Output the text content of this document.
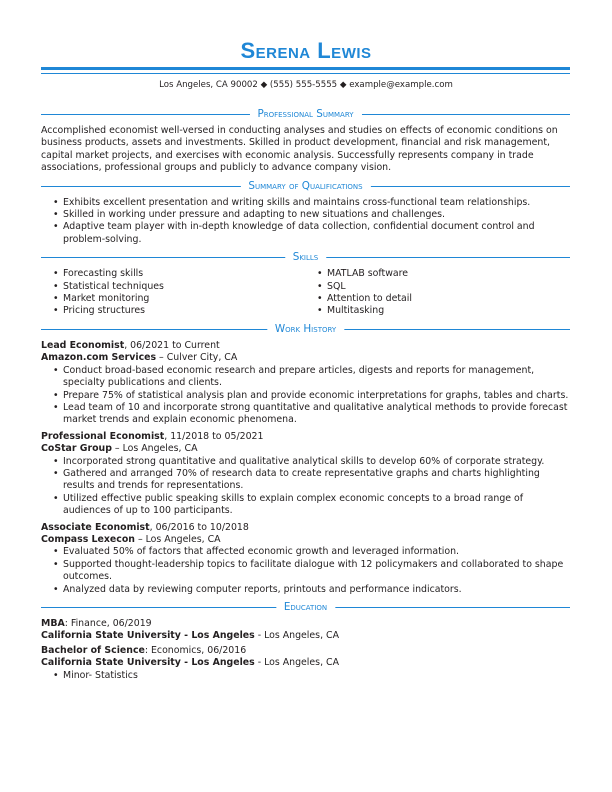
Serena Lewis
Los Angeles, CA 90002 ◆ (555) 555-5555 ◆ example@example.com
Professional Summary

Accomplished economist well-versed in conducting analyses and studies on effects of economic conditions on business products, assets and investments. Skilled in product development, financial and risk management, capital market projects, and exercises with economic analysis. Successfully represents company in trade associations, professional groups and publicly to advance company vision.

Summary of Qualifications
• Exhibits excellent presentation and writing skills and maintains cross-functional team relationships.
• Skilled in working under pressure and adapting to new situations and challenges.
• Adaptive team player with in-depth knowledge of data collection, confidential document control and problem-solving.
Skills
• Forecasting skills
• Statistical techniques
• Market monitoring
• Pricing structures
• MATLAB software
• SQL
• Attention to detail
• Multitasking
Work History
Lead Economist, 06/2021 to Current
Amazon.com Services – Culver City, CA
• Conduct broad-based economic research and prepare articles, digests and reports for management, specialty publications and clients.
• Prepare 75% of statistical analysis plan and provide economic interpretations for graphs, tables and charts.
• Lead team of 10 and incorporate strong quantitative and qualitative analytical methods to provide forecast market trends and explain economic phenomena.
Professional Economist, 11/2018 to 05/2021
CoStar Group – Los Angeles, CA
• Incorporated strong quantitative and qualitative analytical skills to develop 60% of corporate strategy.
• Gathered and arranged 70% of research data to create representative graphs and charts highlighting results and trends for representations.
• Utilized effective public speaking skills to explain complex economic concepts to a broad range of audiences of up to 100 participants.
Associate Economist, 06/2016 to 10/2018
Compass Lexecon – Los Angeles, CA
• Evaluated 50% of factors that affected economic growth and leveraged information.
• Supported thought-leadership topics to facilitate dialogue with 12 policymakers and collaborated to shape outcomes.
• Analyzed data by reviewing computer reports, printouts and performance indicators.
Education
MBA: Finance, 06/2019
California State University - Los Angeles - Los Angeles, CA
Bachelor of Science: Economics, 06/2016
California State University - Los Angeles - Los Angeles, CA
• Minor- Statistics
